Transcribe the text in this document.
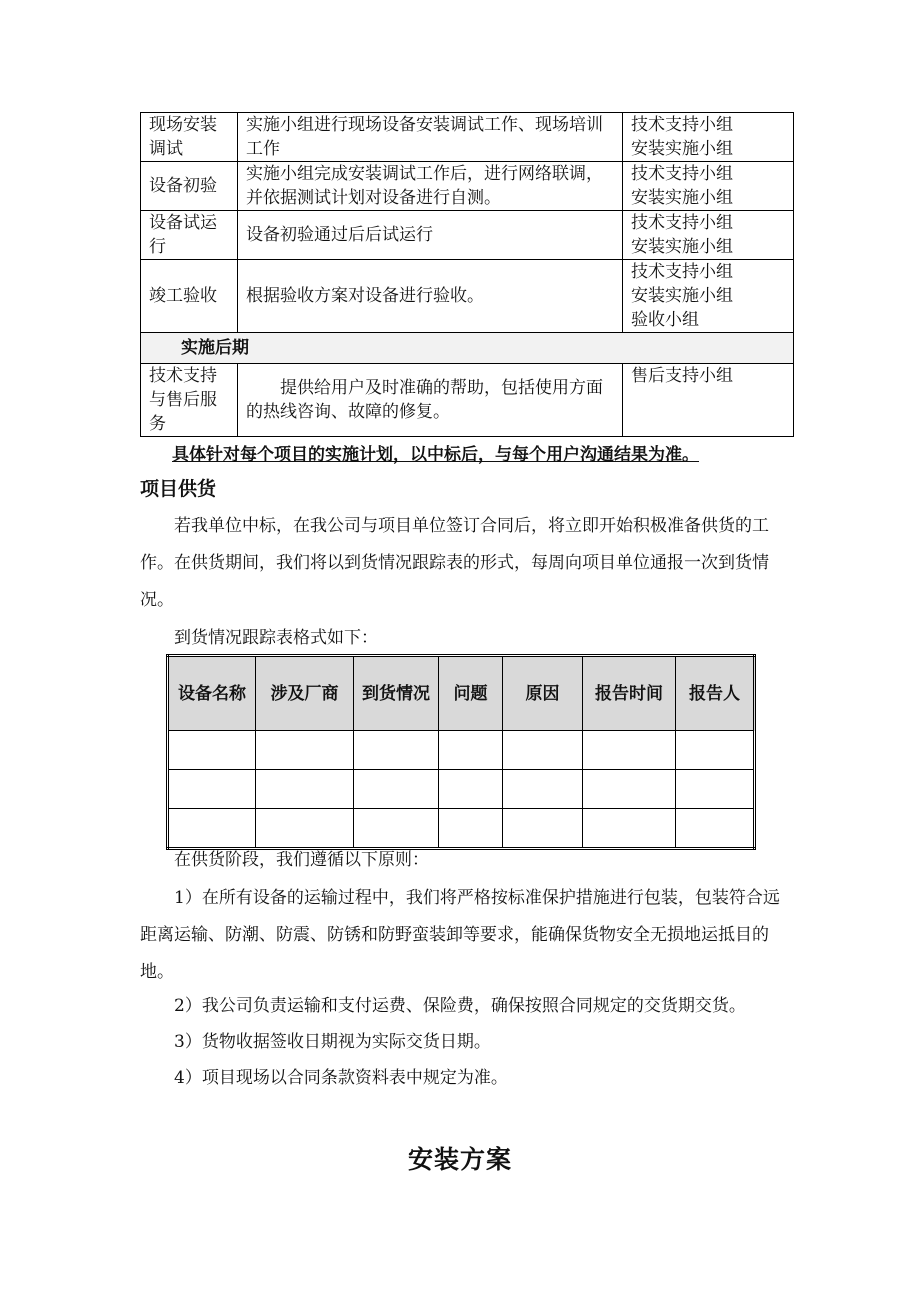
现场安装调试	实施小组进行现场设备安装调试工作、现场培训工作	技术支持小组
安装实施小组

设备初验	实施小组完成安装调试工作后，进行网络联调，并依据测试计划对设备进行自测。	技术支持小组
安装实施小组

设备试运行	设备初验通过后后试运行	技术支持小组
安装实施小组

竣工验收	根据验收方案对设备进行验收。	技术支持小组
安装实施小组
验收小组

实施后期		
技术支持与售后服务	提供给用户及时准确的帮助，包括使用方面的热线咨询、故障的修复。	售后支持小组
具体针对每个项目的实施计划，以中标后，与每个用户沟通结果为准。
项目供货

若我单位中标，在我公司与项目单位签订合同后，将立即开始积极准备供货的工作。在供货期间，我们将以到货情况跟踪表的形式，每周向项目单位通报一次到货情况。

到货情况跟踪表格式如下：

设备名称	涉及厂商	到货情况	问题	原因	报告时间	报告人

在供货阶段，我们遵循以下原则：

1）在所有设备的运输过程中，我们将严格按标准保护措施进行包装，包装符合远距离运输、防潮、防震、防锈和防野蛮装卸等要求，能确保货物安全无损地运抵目的地。

2）我公司负责运输和支付运费、保险费，确保按照合同规定的交货期交货。

3）货物收据签收日期视为实际交货日期。

4）项目现场以合同条款资料表中规定为准。

安装方案
